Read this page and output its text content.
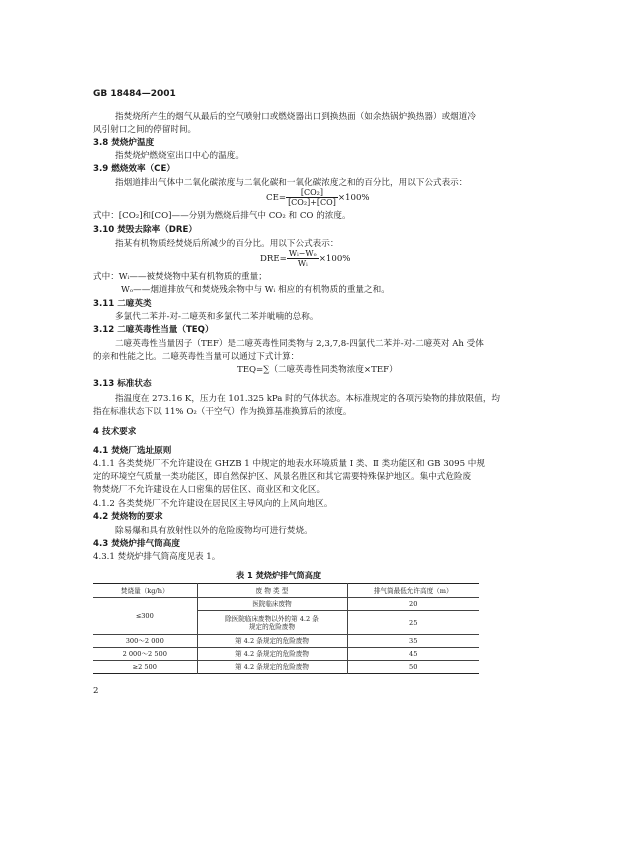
GB 18484—2001
指焚烧所产生的烟气从最后的空气喷射口或燃烧器出口到换热面（如余热锅炉换热器）或烟道冷
风引射口之间的停留时间。
3.8 焚烧炉温度
指焚烧炉燃烧室出口中心的温度。
3.9 燃烧效率（CE）
指烟道排出气体中二氧化碳浓度与二氧化碳和一氧化碳浓度之和的百分比，用以下公式表示：
$CE= \frac{\text{[CO₂]}}{\text{[CO₂]+[CO]}} \times 100\%$
式中：[CO₂]和[CO]——分别为燃烧后排气中 CO₂ 和 CO 的浓度。
3.10 焚毁去除率（DRE）
指某有机物质经焚烧后所减少的百分比。用以下公式表示：
$DRE= \frac{\text{Wᵢ−Wₒ}}{\text{Wᵢ}} \times 100\%$
式中：Wᵢ——被焚烧物中某有机物质的重量；
Wₒ——烟道排放气和焚烧残余物中与 Wᵢ 相应的有机物质的重量之和。
3.11 二噫英类
多氯代二苯并-对-二噫英和多氯代二苯并呲喃的总称。
3.12 二噫英毒性当量（TEQ）
二噫英毒性当量因子（TEF）是二噫英毒性同类物与 2,3,7,8-四氯代二苯并-对-二噫英对 Ah 受体
的亲和性能之比。二噫英毒性当量可以通过下式计算：
TEQ=∑（二噫英毒性同类物浓度×TEF）
3.13 标准状态
指温度在 273.16 K，压力在 101.325 kPa 时的气体状态。本标准规定的各项污染物的排放限值，均
指在标准状态下以 11% O₂（干空气）作为换算基准换算后的浓度。
4 技术要求
4.1 焚烧厂选址原则
4.1.1 各类焚烧厂不允许建设在 GHZB 1 中规定的地表水环境质量 Ⅰ 类、Ⅱ 类功能区和 GB 3095 中规
定的环境空气质量一类功能区，即自然保护区、风景名胜区和其它需要特殊保护地区。集中式危险废
物焚烧厂不允许建设在人口密集的居住区、商业区和文化区。
4.1.2 各类焚烧厂不允许建设在居民区主导风向的上风向地区。
4.2 焚烧物的要求
除易爆和具有放射性以外的危险废物均可进行焚烧。
4.3 焚烧炉排气筒高度
4.3.1 焚烧炉排气筒高度见表 1。
表 1 焚烧炉排气筒高度
焚烧量（kg/h）	废 物 类 型	排气筒最低允许高度（m）
≤300	医院临床废物	20

	除医院临床废物以外的第 4.2 条
规定的危险废物	25
300～2 000	第 4.2 条规定的危险废物	35
2 000～2 500	第 4.2 条规定的危险废物	45
≥2 500	第 4.2 条规定的危险废物	50
2
